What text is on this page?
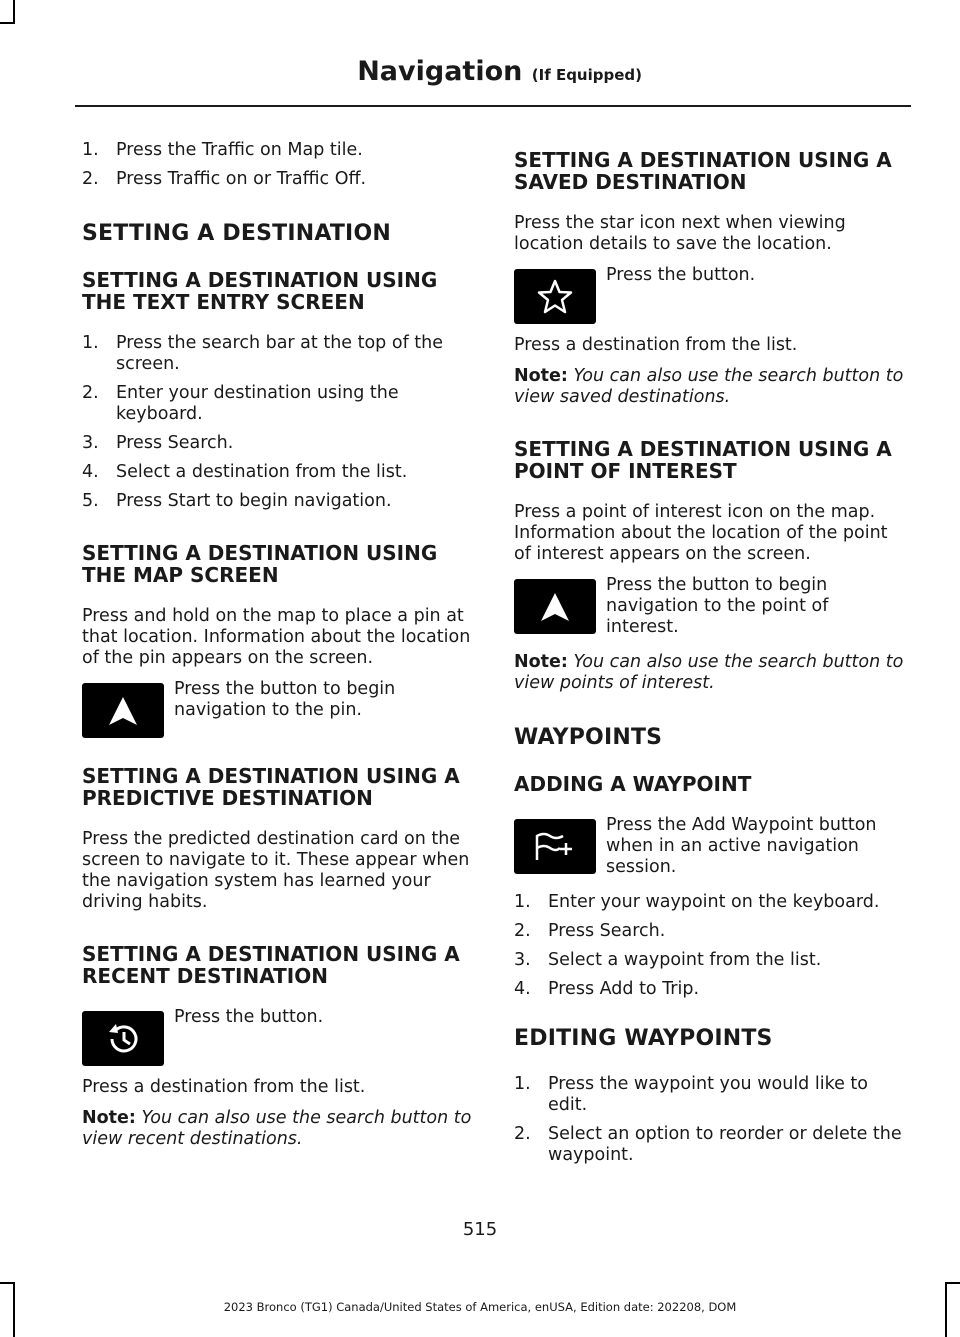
Navigation (If Equipped)
1. Press the Traffic on Map tile.
2. Press Traffic on or Traffic Off.
SETTING A DESTINATION
SETTING A DESTINATION USING THE TEXT ENTRY SCREEN
1. Press the search bar at the top of the screen.
2. Enter your destination using the keyboard.
3. Press Search.
4. Select a destination from the list.
5. Press Start to begin navigation.
SETTING A DESTINATION USING THE MAP SCREEN

Press and hold on the map to place a pin at that location. Information about the location of the pin appears on the screen.

Press the button to begin navigation to the pin.
SETTING A DESTINATION USING A PREDICTIVE DESTINATION

Press the predicted destination card on the screen to navigate to it. These appear when the navigation system has learned your driving habits.

SETTING A DESTINATION USING A RECENT DESTINATION
Press the button.

Press a destination from the list.

Note: You can also use the search button to view recent destinations.

SETTING A DESTINATION USING A SAVED DESTINATION

Press the star icon next when viewing location details to save the location.

Press the button.

Press a destination from the list.

Note: You can also use the search button to view saved destinations.

SETTING A DESTINATION USING A POINT OF INTEREST

Press a point of interest icon on the map. Information about the location of the point of interest appears on the screen.

Press the button to begin navigation to the point of interest.

Note: You can also use the search button to view points of interest.

WAYPOINTS
ADDING A WAYPOINT
Press the Add Waypoint button when in an active navigation session.
1. Enter your waypoint on the keyboard.
2. Press Search.
3. Select a waypoint from the list.
4. Press Add to Trip.
EDITING WAYPOINTS
1. Press the waypoint you would like to edit.
2. Select an option to reorder or delete the waypoint.
515
2023 Bronco (TG1) Canada/United States of America, enUSA, Edition date: 202208, DOM
